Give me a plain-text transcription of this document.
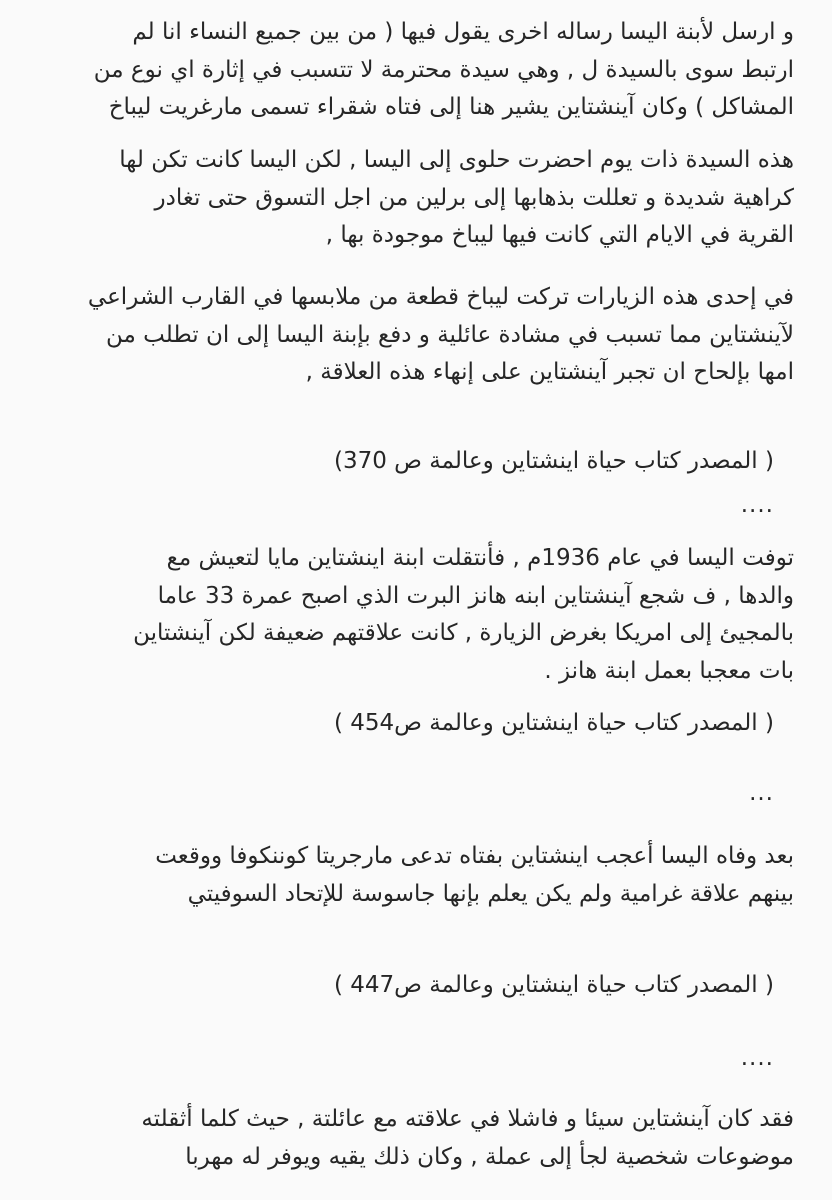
و ارسل لأبنة اليسا رساله اخرى يقول فيها ( من بين جميع النساء انا لم
ارتبط سوى بالسيدة ل , وهي سيدة محترمة لا تتسبب في إثارة اي نوع من
المشاكل ) وكان آينشتاين يشير هنا إلى فتاه شقراء تسمى مارغريت ليباخ
هذه السيدة ذات يوم احضرت حلوى إلى اليسا , لكن اليسا كانت تكن لها
كراهية شديدة و تعللت بذهابها إلى برلين من اجل التسوق حتى تغادر
القرية في الايام التي كانت فيها ليباخ موجودة بها ,
في إحدى هذه الزيارات تركت ليباخ قطعة من ملابسها في القارب الشراعي
لآينشتاين مما تسبب في مشادة عائلية و دفع بإبنة اليسا إلى ان تطلب من
امها بإلحاح ان تجبر آينشتاين على إنهاء هذه العلاقة ,
( المصدر كتاب حياة اينشتاين وعالمة ص 370)
....
توفت اليسا في عام 1936م , فأنتقلت ابنة اينشتاين مايا لتعيش مع
والدها , ف شجع آينشتاين ابنه هانز البرت الذي اصبح عمرة 33 عاما
بالمجيئ إلى امريكا بغرض الزيارة , كانت علاقتهم ضعيفة لكن آينشتاين
بات معجبا بعمل ابنة هانز .
( المصدر كتاب حياة اينشتاين وعالمة ص454 )
...
بعد وفاه اليسا أعجب اينشتاين بفتاه تدعى مارجريتا كوننكوفا ووقعت
بينهم علاقة غرامية ولم يكن يعلم بإنها جاسوسة للإتحاد السوفيتي
( المصدر كتاب حياة اينشتاين وعالمة ص447 )
....
فقد كان آينشتاين سيئا و فاشلا في علاقته مع عائلتة , حيث كلما أثقلته
موضوعات شخصية لجأ إلى عملة , وكان ذلك يقيه ويوفر له مهربا
